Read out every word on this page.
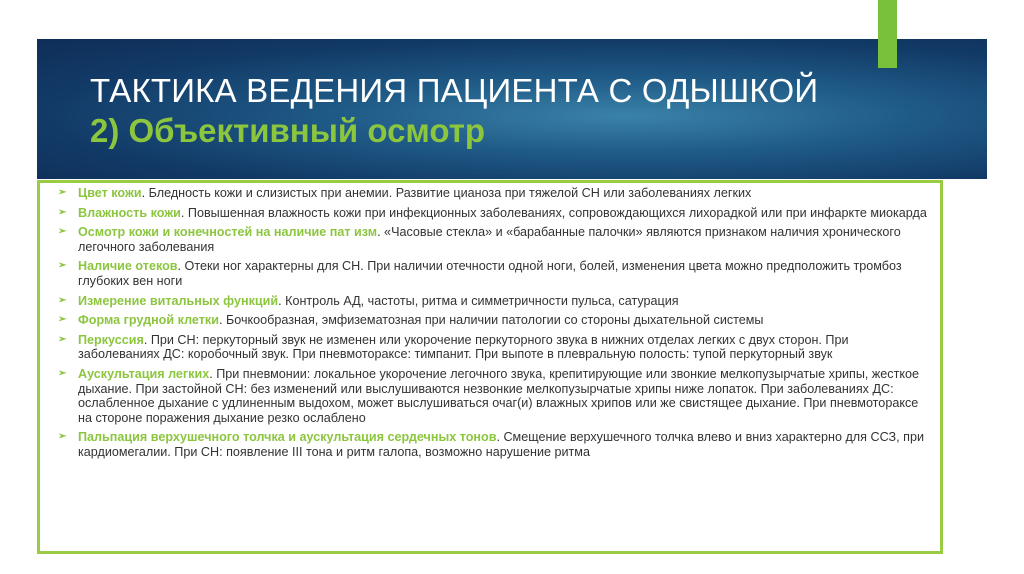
ТАКТИКА ВЕДЕНИЯ ПАЦИЕНТА С ОДЫШКОЙ
2) Объективный осмотр
➢ Цвет кожи. Бледность кожи и слизистых при анемии. Развитие цианоза при тяжелой СН или заболеваниях легких
➢ Влажность кожи. Повышенная влажность кожи при инфекционных заболеваниях, сопровождающихся лихорадкой или при инфаркте миокарда
➢ Осмотр кожи и конечностей на наличие пат изм. «Часовые стекла» и «барабанные палочки» являются признаком наличия хронического легочного заболевания
➢ Наличие отеков. Отеки ног характерны для СН. При наличии отечности одной ноги, болей, изменения цвета можно предположить тромбоз глубоких вен ноги
➢ Измерение витальных функций. Контроль АД, частоты, ритма и симметричности пульса, сатурация
➢ Форма грудной клетки. Бочкообразная, эмфизематозная при наличии патологии со стороны дыхательной системы
➢ Перкуссия. При СН: перкуторный звук не изменен или укорочение перкуторного звука в нижних отделах легких с двух сторон. При заболеваниях ДС: коробочный звук. При пневмотораксе: тимпанит. При выпоте в плевральную полость: тупой перкуторный звук
➢ Аускультация легких. При пневмонии: локальное укорочение легочного звука, крепитирующие или звонкие мелкопузырчатые хрипы, жесткое дыхание. При застойной СН: без изменений или выслушиваются незвонкие мелкопузырчатые хрипы ниже лопаток. При заболеваниях ДС: ослабленное дыхание с удлиненным выдохом, может выслушиваться очаг(и) влажных хрипов или же свистящее дыхание. При пневмотораксе на стороне поражения дыхание резко ослаблено
➢ Пальпация верхушечного толчка и аускультация сердечных тонов. Смещение верхушечного толчка влево и вниз характерно для ССЗ, при кардиомегалии. При СН: появление III тона и ритм галопа, возможно нарушение ритма
